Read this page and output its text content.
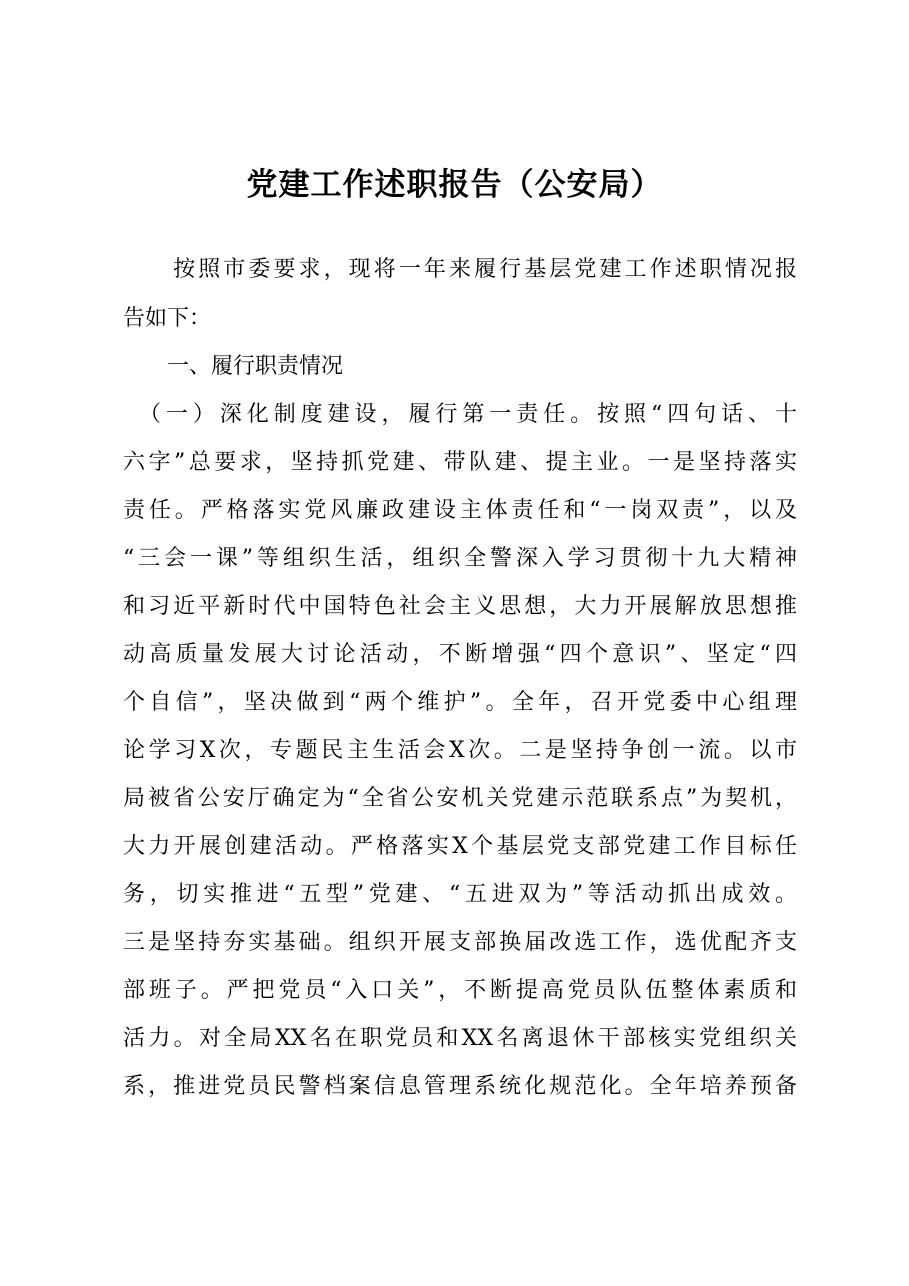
党建工作述职报告（公安局）
　　按照市委要求，现将一年来履行基层党建工作述职情况报
告如下：
　　一、履行职责情况
　（一）深化制度建设，履行第一责任。按照“四句话、十
六字”总要求，坚持抓党建、带队建、提主业。一是坚持落实
责任。严格落实党风廉政建设主体责任和“一岗双责”，以及
“三会一课”等组织生活，组织全警深入学习贯彻十九大精神
和习近平新时代中国特色社会主义思想，大力开展解放思想推
动高质量发展大讨论活动，不断增强“四个意识”、坚定“四
个自信”，坚决做到“两个维护”。全年，召开党委中心组理
论学习X次，专题民主生活会X次。二是坚持争创一流。以市
局被省公安厅确定为“全省公安机关党建示范联系点”为契机，
大力开展创建活动。严格落实X个基层党支部党建工作目标任
务，切实推进“五型”党建、“五进双为”等活动抓出成效。
三是坚持夯实基础。组织开展支部换届改选工作，选优配齐支
部班子。严把党员“入口关”，不断提高党员队伍整体素质和
活力。对全局XX名在职党员和XX名离退休干部核实党组织关
系，推进党员民警档案信息管理系统化规范化。全年培养预备
